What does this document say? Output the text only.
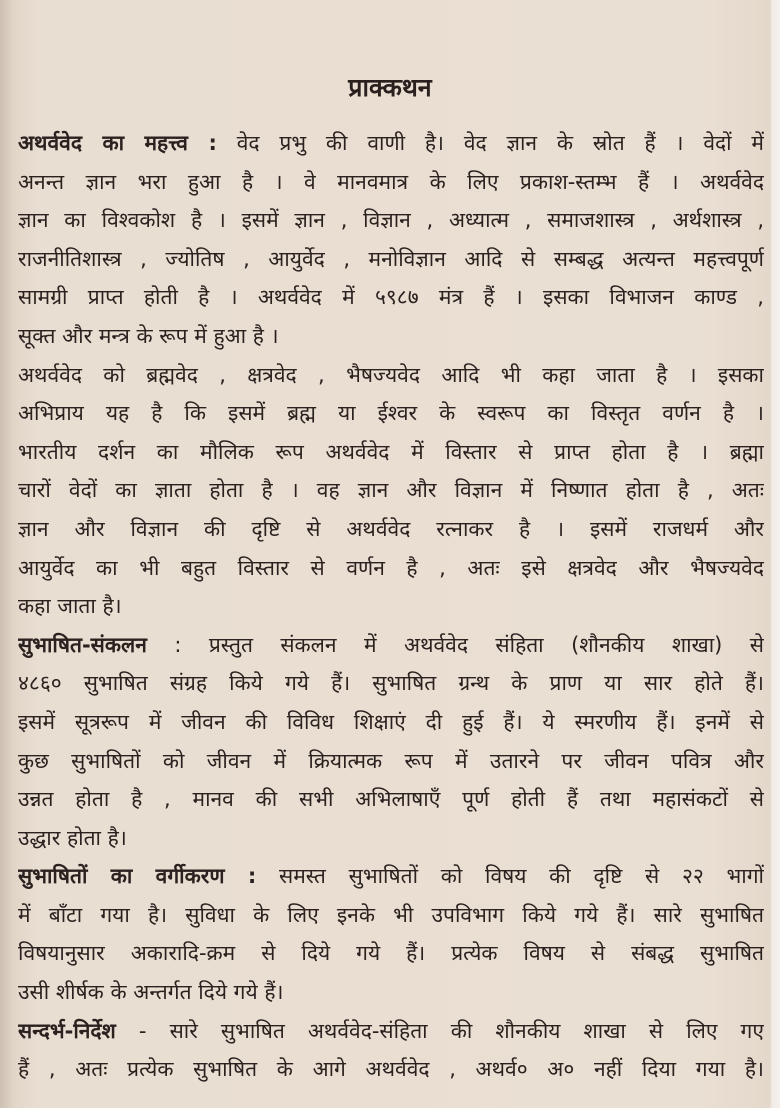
प्राक्कथन
अथर्ववेद का महत्त्व : वेद प्रभु की वाणी है। वेद ज्ञान के स्रोत हैं । वेदों में
अनन्त ज्ञान भरा हुआ है । वे मानवमात्र के लिए प्रकाश-स्तम्भ हैं । अथर्ववेद
ज्ञान का विश्वकोश है । इसमें ज्ञान , विज्ञान , अध्यात्म , समाजशास्त्र , अर्थशास्त्र ,
राजनीतिशास्त्र , ज्योतिष , आयुर्वेद , मनोविज्ञान आदि से सम्बद्ध अत्यन्त महत्त्वपूर्ण
सामग्री प्राप्त होती है । अथर्ववेद में ५९८७ मंत्र हैं । इसका विभाजन काण्ड ,
सूक्त और मन्त्र के रूप में हुआ है ।
अथर्ववेद को ब्रह्मवेद , क्षत्रवेद , भैषज्यवेद आदि भी कहा जाता है । इसका
अभिप्राय यह है कि इसमें ब्रह्म या ईश्वर के स्वरूप का विस्तृत वर्णन है ।
भारतीय दर्शन का मौलिक रूप अथर्ववेद में विस्तार से प्राप्त होता है । ब्रह्मा
चारों वेदों का ज्ञाता होता है । वह ज्ञान और विज्ञान में निष्णात होता है , अतः
ज्ञान और विज्ञान की दृष्टि से अथर्ववेद रत्नाकर है । इसमें राजधर्म और
आयुर्वेद का भी बहुत विस्तार से वर्णन है , अतः इसे क्षत्रवेद और भैषज्यवेद
कहा जाता है।
सुभाषित-संकलन : प्रस्तुत संकलन में अथर्ववेद संहिता (शौनकीय शाखा) से
४८६० सुभाषित संग्रह किये गये हैं। सुभाषित ग्रन्थ के प्राण या सार होते हैं।
इसमें सूत्ररूप में जीवन की विविध शिक्षाएं दी हुई हैं। ये स्मरणीय हैं। इनमें से
कुछ सुभाषितों को जीवन में क्रियात्मक रूप में उतारने पर जीवन पवित्र और
उन्नत होता है , मानव की सभी अभिलाषाएँ पूर्ण होती हैं तथा महासंकटों से
उद्धार होता है।
सुभाषितों का वर्गीकरण : समस्त सुभाषितों को विषय की दृष्टि से २२ भागों
में बाँटा गया है। सुविधा के लिए इनके भी उपविभाग किये गये हैं। सारे सुभाषित
विषयानुसार अकारादि-क्रम से दिये गये हैं। प्रत्येक विषय से संबद्ध सुभाषित
उसी शीर्षक के अन्तर्गत दिये गये हैं।
सन्दर्भ-निर्देश - सारे सुभाषित अथर्ववेद-संहिता की शौनकीय शाखा से लिए गए
हैं , अतः प्रत्येक सुभाषित के आगे अथर्ववेद , अथर्व० अ० नहीं दिया गया है।
